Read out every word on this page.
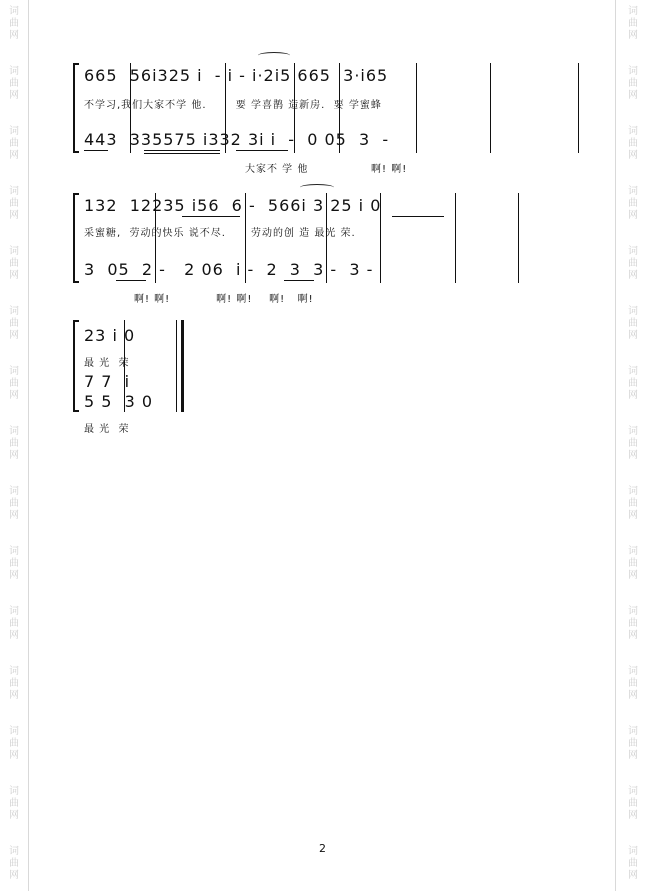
词
曲
网
词
曲
网
词
曲
网
词
曲
网
词
曲
网
词
曲
网
词
曲
网
词
曲
网
词
曲
网
词
曲
网
词
曲
网
词
曲
网
词
曲
网
词
曲
网
词
曲
网
词
曲
网
词
曲
网
词
曲
网
词
曲
网
词
曲
网
词
曲
网
词
曲
网
词
曲
网
词
曲
网
词
曲
网
词
曲
网
词
曲
网
词
曲
网
词
曲
网
词
曲
网
665  56i325 i  - i - i·2i5 665  3·i65
不学习,我们大家不学 他.       要 学喜鹊 造新房.  要 学蜜蜂
443  335575 i332 3i i  -  0 05  3  -
大家不 学 他               啊! 啊!
132  12235 i56  6 -  566i 3 25 i 0
采蜜糖,  劳动的快乐 说不尽.      劳动的创 造 最光 荣.
3  05  2 -   2 06  i -  2  3  3 -  3 -
啊! 啊!           啊! 啊!    啊!   啊!
23 i 0
最 光  荣
7 7  i
5 5  3 0
最 光  荣
2
